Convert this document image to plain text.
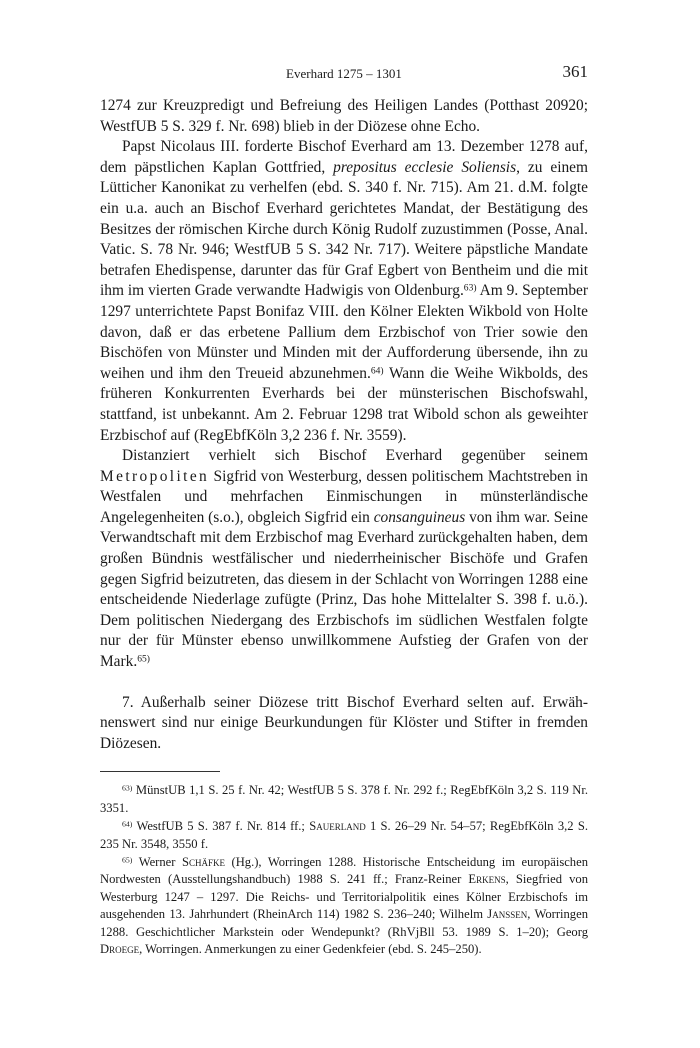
Everhard 1275 – 1301	361

1274 zur Kreuzpredigt und Befreiung des Heiligen Landes (Potthast 20920; WestfUB 5 S. 329 f. Nr. 698) blieb in der Diözese ohne Echo.

Papst Nicolaus III. forderte Bischof Everhard am 13. Dezember 1278 auf, dem päpstlichen Kaplan Gottfried, prepositus ecclesie Soliensis, zu einem Lütticher Kanonikat zu verhelfen (ebd. S. 340 f. Nr. 715). Am 21. d.M. folgte ein u.a. auch an Bischof Everhard gerichtetes Mandat, der Bestätigung des Besitzes der römischen Kirche durch König Rudolf zuzustimmen (Posse, Anal. Vatic. S. 78 Nr. 946; WestfUB 5 S. 342 Nr. 717). Weitere päpstliche Mandate betrafen Ehedispense, darunter das für Graf Egbert von Bentheim und die mit ihm im vierten Grade verwandte Hadwigis von Oldenburg.$^{63)}$ Am 9. September 1297 unterrichtete Papst Bonifaz VIII. den Kölner Elekten Wikbold von Holte davon, daß er das erbetene Pallium dem Erzbischof von Trier sowie den Bischöfen von Münster und Minden mit der Aufforderung übersende, ihn zu weihen und ihm den Treueid abzunehmen.$^{64)}$ Wann die Weihe Wikbolds, des früheren Konkurrenten Everhards bei der münsterischen Bischofswahl, stattfand, ist unbekannt. Am 2. Februar 1298 trat Wibold schon als geweihter Erzbischof auf (RegEbfKöln 3,2 236 f. Nr. 3559).

Distanziert verhielt sich Bischof Everhard gegenüber seinem Metropoliten Sigfrid von Westerburg, dessen politischem Machtstreben in Westfalen und mehrfachen Einmischungen in münsterländische Angelegenheiten (s.o.), obgleich Sigfrid ein consanguineus von ihm war. Seine Verwandtschaft mit dem Erzbischof mag Everhard zurückgehalten haben, dem großen Bündnis westfälischer und niederrheinischer Bischöfe und Grafen gegen Sigfrid beizutreten, das diesem in der Schlacht von Worringen 1288 eine entscheidende Niederlage zufügte (Prinz, Das hohe Mittelalter S. 398 f. u.ö.). Dem politischen Niedergang des Erzbischofs im südlichen Westfalen folgte nur der für Münster ebenso unwillkommene Aufstieg der Grafen von der Mark.$^{65)}$

7. Außerhalb seiner Diözese tritt Bischof Everhard selten auf. Erwähnenswert sind nur einige Beurkundungen für Klöster und Stifter in fremden Diözesen.

$^{63)}$ MünstUB 1,1 S. 25 f. Nr. 42; WestfUB 5 S. 378 f. Nr. 292 f.; RegEbfKöln 3,2 S. 119 Nr. 3351.

$^{64)}$ WestfUB 5 S. 387 f. Nr. 814 ff.; Sauerland 1 S. 26–29 Nr. 54–57; RegEbfKöln 3,2 S. 235 Nr. 3548, 3550 f.

$^{65)}$ Werner Schäfke (Hg.), Worringen 1288. Historische Entscheidung im europäischen Nordwesten (Ausstellungshandbuch) 1988 S. 241 ff.; Franz-Reiner Erkens, Siegfried von Westerburg 1247 – 1297. Die Reichs- und Territorialpolitik eines Kölner Erzbischofs im ausgehenden 13. Jahrhundert (RheinArch 114) 1982 S. 236–240; Wilhelm Janssen, Worringen 1288. Geschichtlicher Markstein oder Wendepunkt? (RhVjBll 53. 1989 S. 1–20); Georg Droege, Worringen. Anmerkungen zu einer Gedenkfeier (ebd. S. 245–250).
